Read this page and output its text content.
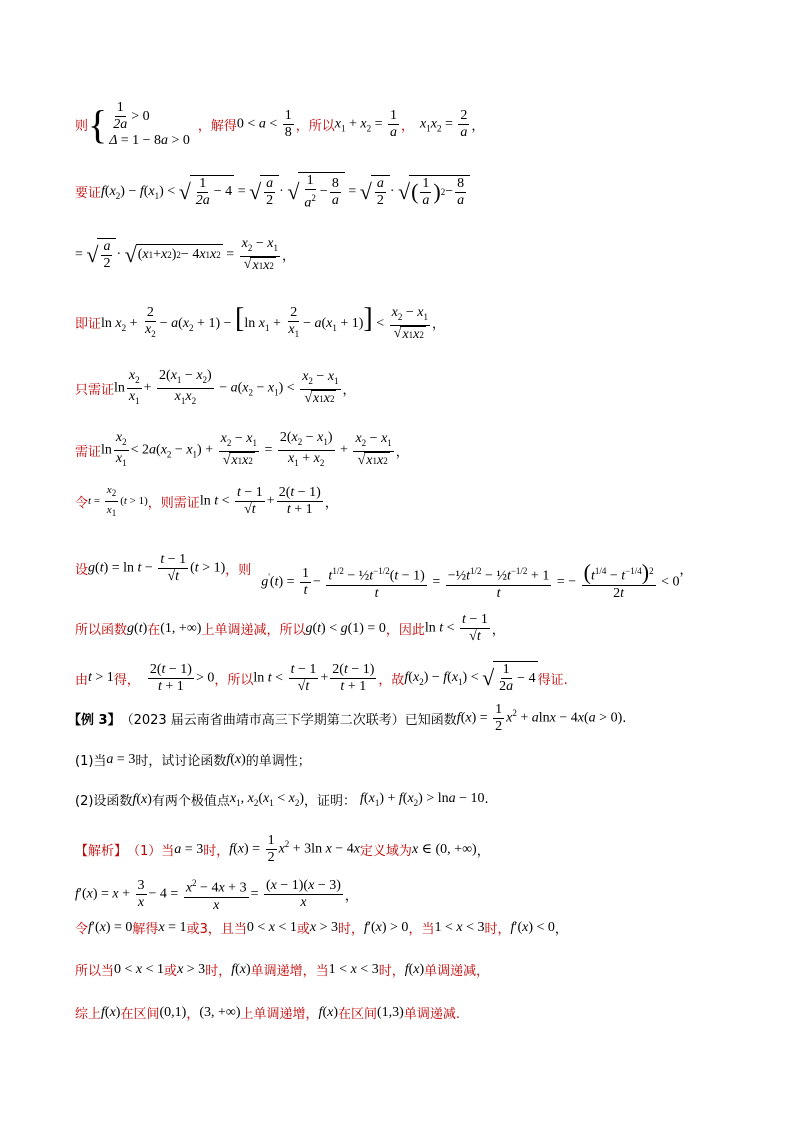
则 { $\frac{1}{2a} > 0$
Δ = 1 − 8a > 0
，解得 $0 < a < \frac{1}{8}$ ，所以 $x_1 + x_2 = \frac{1}{a}$ ， $x_1x_2 = \frac{2}{a}$ ，
要证 $f(x_2) - f(x_1)$ < √ $\frac{1}{2a} - 4$ = √ $\frac{a}{2}$ · √ $\frac{1}{a^2} - \frac{8}{a}$ = √ $\frac{a}{2}$ · √ ( $\frac{1}{a}$ ) $2 - \frac{8}{a}$
= √ $\frac{a}{2}$ · √ ( x 1 + x 2 ) 2 − 4 x 1 x $2 = \frac{x_2 - x_1}{√ x 1 x 2}$ ，
即证 $\ln x_2 + \frac{2}{x_2} - a(x_2 + 1) - [\ln$ $x_1 + \frac{2}{x_1} - a(x_1 + 1)] < \frac{x_2 - x_1}{√ x 1 x 2}$ ，
只需证 $\ln \frac{x_2}{x_1} + \frac{2(x_1 - x_2)}{x_1x_2} - a(x_2 - x_1) < \frac{x_2 - x_1}{√ x 1 x 2}$ ，
需证 $\ln \frac{x_2}{x_1} < 2a(x_2 - x_1) + \frac{x_2 - x_1}{√ x 1 x 2} = \frac{2(x_2 - x_1)}{x_1 + x_2} + \frac{x_2 - x_1}{√ x 1 x 2}$ ，
令 $t = \frac{x_2}{x_1} (t > 1)$ ，则需证 $\ln t < \frac{t - 1}{√t} + \frac{2(t - 1)}{t + 1}$ ，
设 $g(t) = \ln t - \frac{t - 1}{√t} (t > 1)$ ，则
$g'(t) = \frac{1}{t} - \frac{t^{1/2} - \frac{1}{2}t^{-1/2}(t - 1)}{t} = \frac{-\frac{1}{2}t^{1/2} - \frac{1}{2}t^{-1/2} + 1}{t}$ = − $\frac{(t^{1/4} - t^{-1/4})^2}{2t} < 0$
，
所以函数 g(t) 在 (1, +∞) 上单调递减，所以 g(t) < g(1) = 0 ，因此 $\ln t < \frac{t - 1}{√t}$ ，
由 t > 1 得， $\frac{2(t - 1)}{t + 1} > 0$ ，所以 $\ln t < \frac{t - 1}{√t} + \frac{2(t - 1)}{t + 1}$ ，故 $f(x_2) - f(x_1)$ < √ $\frac{1}{2a} - 4$ 得证.
【例 3】 （2023 届云南省曲靖市高三下学期第二次联考）已知函数 $f(x) = \frac{1}{2} x^2 + alnx - 4x(a > 0)$ .
(1)当 a = 3 时，试讨论函数 f(x) 的单调性；
(2)设函数 f(x) 有两个极值点 $x_1$, $x_2(x_1 < x_2)$ ，证明： $f(x_1) + f(x_2) > \ln a - 10$ .
【解析】 （1）当 a = 3 时， $f(x) = \frac{1}{2} x^2 + 3\ln$ x − 4x 定义域为 x ∈ (0, +∞) ，
$f'(x) = x + \frac{3}{x} - 4 = \frac{x^2 - 4x + 3}{x} = \frac{(x - 1)(x - 3)}{x}$ ，
令 f′(x) = 0 解得 x = 1 或3，且当 0 < x < 1 或 x > 3 时， f′(x) > 0 ，当 1 < x < 3 时， f′(x) < 0 ，
所以当 0 < x < 1 或 x > 3 时， f(x) 单调递增，当 1 < x < 3 时， f(x) 单调递减，
综上 f(x) 在区间 (0,1) ， (3, +∞) 上单调递增， f(x) 在区间 (1,3) 单调递减.
